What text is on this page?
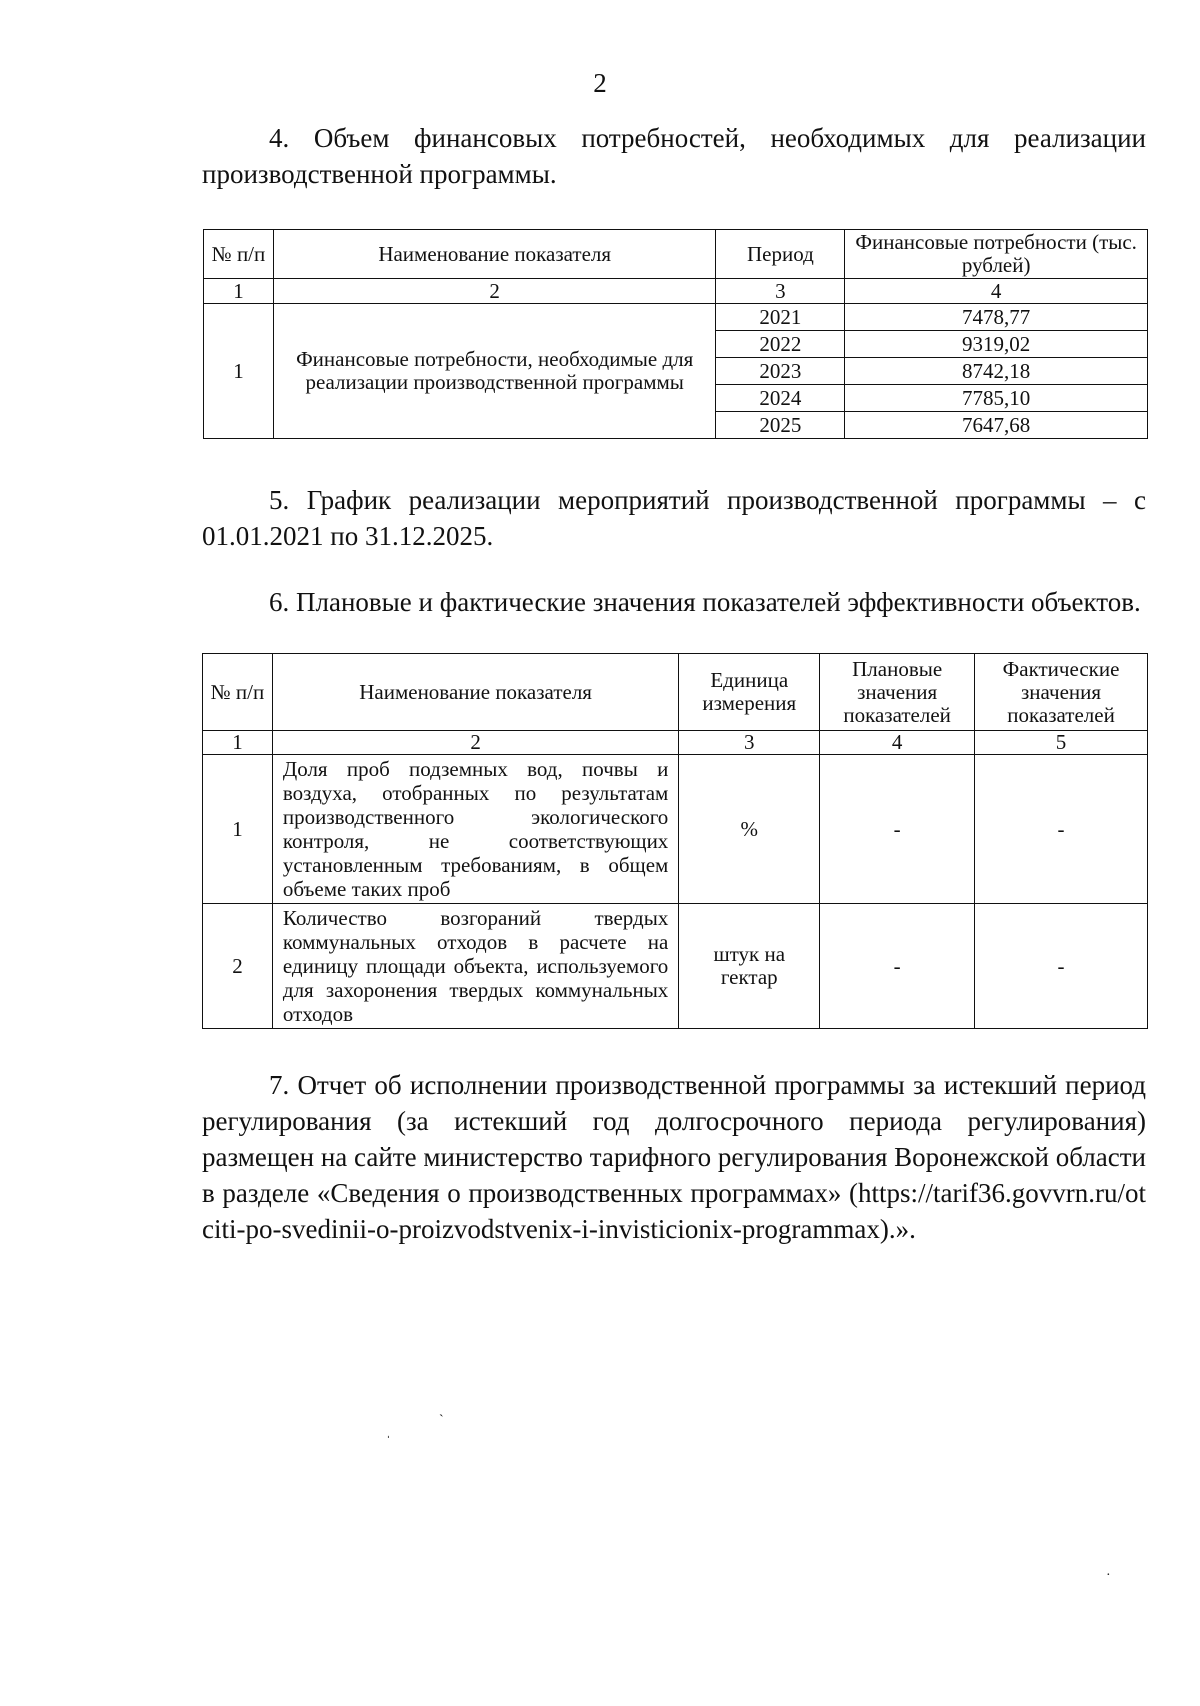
2

4. Объем финансовых потребностей, необходимых для реализации производственной программы.

№ п/п	Наименование показателя	Период	Финансовые потребности (тыс. рублей)
1	2	3	4
1	Финансовые потребности, необходимые для реализации производственной программы	2021	7478,77
		2022	9319,02
		2023	8742,18
		2024	7785,10
		2025	7647,68

5. График реализации мероприятий производственной программы – с 01.01.2021 по 31.12.2025.

6. Плановые и фактические значения показателей эффективности объектов.

№ п/п	Наименование показателя	Единица измерения	Плановые значения показателей	Фактические значения показателей
1	2	3	4	5
1	Доля проб подземных вод, почвы и воздуха, отобранных по результатам производственного экологического контроля, не соответствующих установленным требованиям, в общем объеме таких проб	%	-	-
2	Количество возгораний твердых коммунальных отходов в расчете на единицу площади объекта, используемого для захоронения твердых коммунальных отходов	штук на гектар	-	-
7. Отчет об исполнении производственной программы за истекший период регулирования (за истекший год долгосрочного периода регулирования) размещен на сайте министерство тарифного регулирования Воронежской области в разделе «Сведения о производственных программах» (https://tarif36.govvrn.ru/otciti-po-svedinii-o-proizvodstvenix-i-invisticionix-programmax).».
ˌ
ˋ
·
